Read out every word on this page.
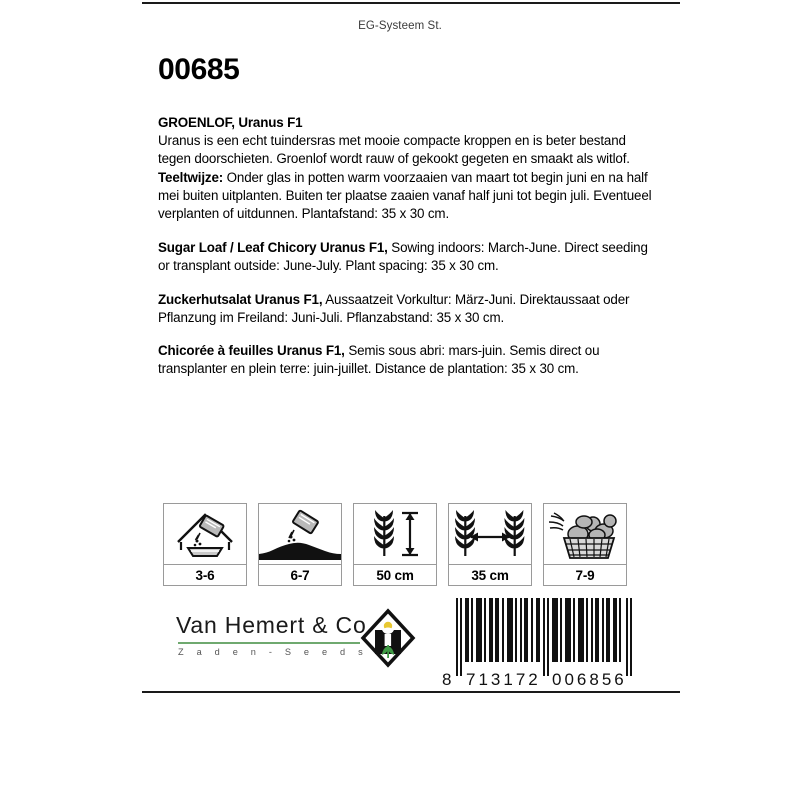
EG-Systeem St.
00685
GROENLOF, Uranus F1
Uranus is een echt tuindersras met mooie compacte kroppen en is beter bestand tegen doorschieten. Groenlof wordt rauw of gekookt gegeten en smaakt als witlof. Teeltwijze: Onder glas in potten warm voorzaaien van maart tot begin juni en na half mei buiten uitplanten. Buiten ter plaatse zaaien vanaf half juni tot begin juli. Eventueel verplanten of uitdunnen. Plantafstand: 35 x 30 cm.
Sugar Loaf / Leaf Chicory Uranus F1, Sowing indoors: March-June. Direct seeding or transplant outside: June-July. Plant spacing: 35 x 30 cm.
Zuckerhutsalat Uranus F1, Aussaatzeit Vorkultur: März-Juni. Direktaussaat oder Pflanzung im Freiland: Juni-Juli. Pflanzabstand: 35 x 30 cm.
Chicorée à feuilles Uranus F1, Semis sous abri: mars-juin. Semis direct ou transplanter en plein terre: juin-juillet. Distance de plantation: 35 x 30 cm.
3-6	6-7	50 cm	35 cm	7-9
Van Hemert & Co
Z a d e n - S e e d s
8 713172 006856
